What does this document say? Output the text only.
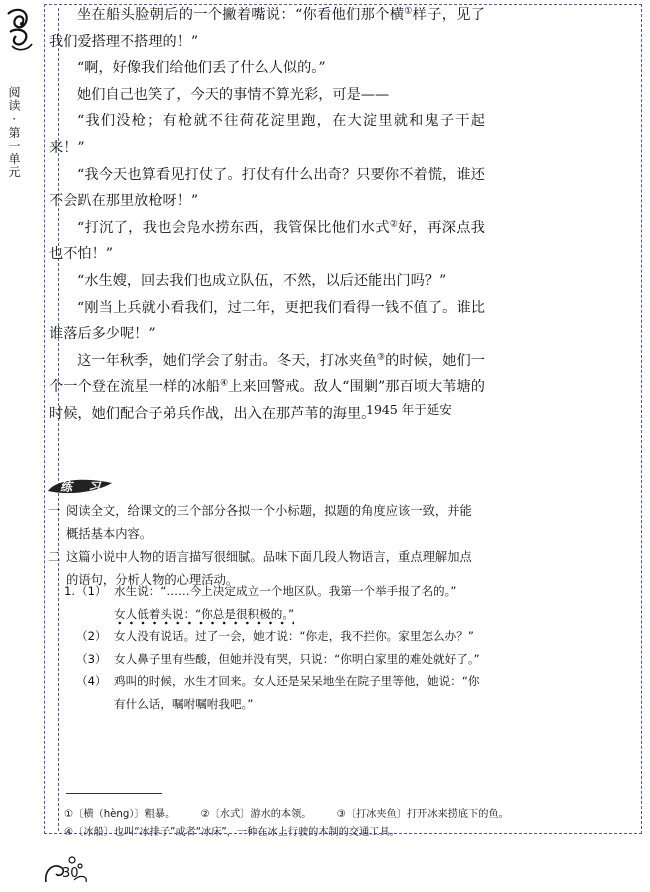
阅读 · 第一单元

坐在船头脸朝后的一个撇着嘴说：“你看他们那个横①样子，见了我们爱搭理不搭理的！”

“啊，好像我们给他们丢了什么人似的。”

她们自己也笑了，今天的事情不算光彩，可是——

“我们没枪；有枪就不往荷花淀里跑，在大淀里就和鬼子干起来！”

“我今天也算看见打仗了。打仗有什么出奇？只要你不着慌，谁还不会趴在那里放枪呀！”

“打沉了，我也会凫水捞东西，我管保比他们水式②好，再深点我也不怕！”

“水生嫂，回去我们也成立队伍，不然，以后还能出门吗？”

“刚当上兵就小看我们，过二年，更把我们看得一钱不值了。谁比谁落后多少呢！”

这一年秋季，她们学会了射击。冬天，打冰夹鱼③的时候，她们一个一个登在流星一样的冰船④上来回警戒。敌人“围剿”那百顷大苇塘的时候，她们配合子弟兵作战，出入在那芦苇的海里。

1945 年于延安
练 习
一 阅读全文，给课文的三个部分各拟一个小标题，拟题的角度应该一致，并能概括基本内容。
二 这篇小说中人物的语言描写很细腻。品味下面几段人物语言，重点理解加点的语句，分析人物的心理活动。
1. （1） 水生说：“……今上决定成立一个地区队。我第一个举手报了名的。”
女人低着头说：“你总是很积极的。”
（2） 女人没有说话。过了一会，她才说：“你走，我不拦你。家里怎么办？”
（3） 女人鼻子里有些酸，但她并没有哭，只说：“你明白家里的难处就好了。”
（4） 鸡叫的时候，水生才回来。女人还是呆呆地坐在院子里等他，她说：“你有什么话，嘱咐嘱咐我吧。”
①〔横（hèng）〕粗暴。 ②〔水式〕游水的本领。 ③〔打冰夹鱼〕打开冰来捞底下的鱼。
④〔冰船〕也叫“冰排子”或者“冰床”，一种在冰上行驶的木制的交通工具。
30
